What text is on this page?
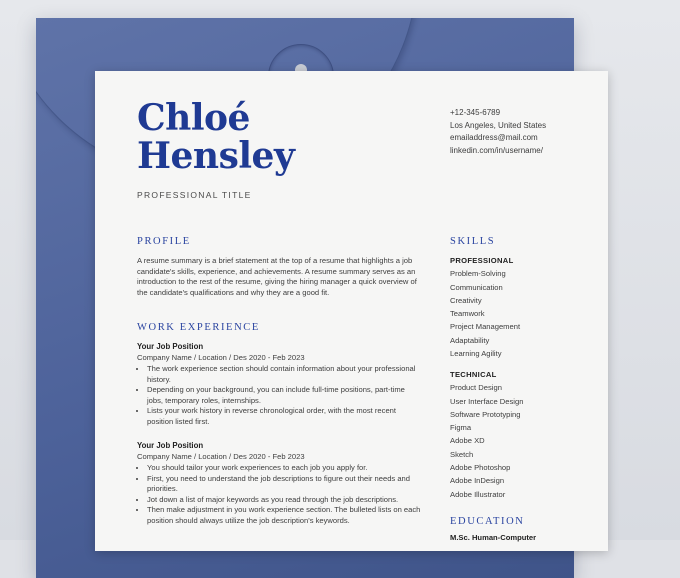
Chloé
Hensley
PROFESSIONAL TITLE
+12-345-6789
Los Angeles, United States
emailaddress@mail.com
linkedin.com/in/username/
PROFILE
A resume summary is a brief statement at the top of a resume that highlights a job candidate's skills, experience, and achievements. A resume summary serves as an introduction to the rest of the resume, giving the hiring manager a quick overview of the candidate's qualifications and why they are a good fit.
WORK EXPERIENCE
Your Job Position
Company Name / Location / Des 2020 - Feb 2023
• The work experience section should contain information about your professional history.
• Depending on your background, you can include full-time positions, part-time jobs, temporary roles, internships.
• Lists your work history in reverse chronological order, with the most recent position listed first.
Your Job Position
Company Name / Location / Des 2020 - Feb 2023
• You should tailor your work experiences to each job you apply for.
• First, you need to understand the job descriptions to figure out their needs and priorities.
• Jot down a list of major keywords as you read through the job descriptions.
• Then make adjustment in you work experience section. The bulleted lists on each position should always utilize the job description's keywords.
SKILLS
PROFESSIONAL
Problem-Solving
Communication
Creativity
Teamwork
Project Management
Adaptability
Learning Agility
TECHNICAL
Product Design
User Interface Design
Software Prototyping
Figma
Adobe XD
Sketch
Adobe Photoshop
Adobe InDesign
Adobe Illustrator
EDUCATION
M.Sc. Human-Computer
